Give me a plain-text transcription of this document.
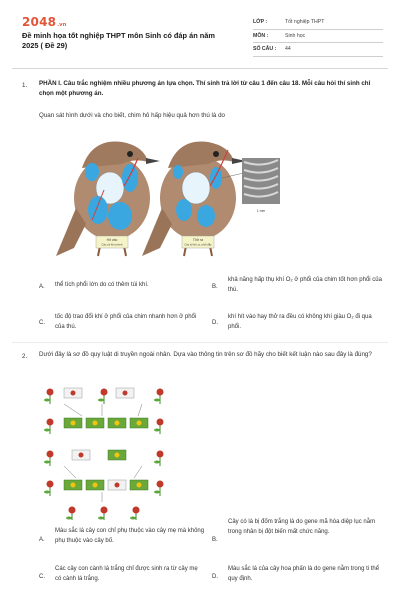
2048.vn
Đề minh họa tốt nghiệp THPT môn Sinh có đáp án năm 2025 ( Đề 29)
LỚP :	Tốt nghiệp THPT
MÔN :	Sinh học
SỐ CÂU :	44
1. PHẦN I. Câu trắc nghiệm nhiều phương án lựa chọn. Thí sinh trả lời từ câu 1 đến câu 18. Mỗi câu hỏi thí sinh chỉ chọn một phương án.
Quan sát hình dưới và cho biết, chim hô hấp hiệu quả hơn thú là do
Hít vào
Các túi khí phình
Thở ra
Các túi khí co, phổi đầy
1 mm
A. thể tích phổi lớn do có thêm túi khí.	B.
khả năng hấp thụ khí O₂ ở phổi của chim tốt hơn phổi của thú.
C.
tốc độ trao đổi khí ở phổi của chim nhanh hơn ở phổi của thú.
D.
khí hít vào hay thở ra đều có không khí giàu O₂ đi qua phổi.
2. Dưới đây là sơ đồ quy luật di truyền ngoài nhân. Dựa vào thông tin trên sơ đồ hãy cho biết kết luận nào sau đây là đúng?
A.
Màu sắc lá cây con chỉ phụ thuộc vào cây mẹ mà không phụ thuộc vào cây bố.	B.
Cây có lá bị đốm trắng là do gene mã hóa diệp lục nằm trong nhân bị đột biến mất chức năng.
C.
Các cây con cành lá trắng chỉ được sinh ra từ cây mẹ có cành lá trắng.	D.
Màu sắc lá của cây hoa phấn là do gene nằm trong ti thể quy định.
